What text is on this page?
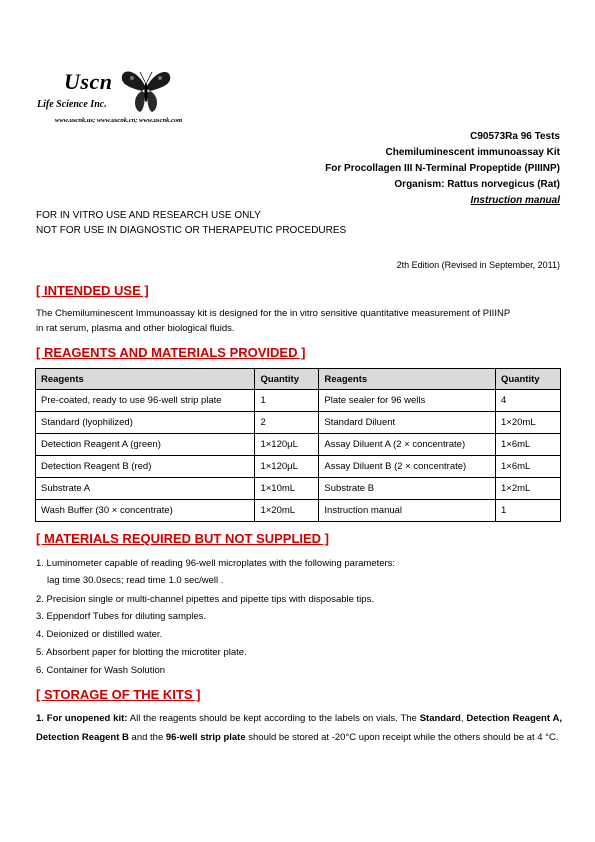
Uscn
Life Science Inc.
www.uscnk.us; www.uscnk.cn; www.uscnk.com
C90573Ra 96 Tests
Chemiluminescent immunoassay Kit
For Procollagen III N-Terminal Propeptide (PIIINP)
Organism: Rattus norvegicus (Rat)
Instruction manual
FOR IN VITRO USE AND RESEARCH USE ONLY
NOT FOR USE IN DIAGNOSTIC OR THERAPEUTIC PROCEDURES
2th Edition (Revised in September, 2011)
[ INTENDED USE ]
The Chemiluminescent Immunoassay kit is designed for the in vitro sensitive quantitative measurement of PIIINP
in rat serum, plasma and other biological fluids.
[ REAGENTS AND MATERIALS PROVIDED ]
Reagents	Quantity	Reagents	Quantity
Pre-coated, ready to use 96-well strip plate	1	Plate sealer for 96 wells	4
Standard (lyophilized)	2	Standard Diluent	1×20mL
Detection Reagent A (green)	1×120μL	Assay Diluent A (2 × concentrate)	1×6mL
Detection Reagent B (red)	1×120μL	Assay Diluent B (2 × concentrate)	1×6mL
Substrate A	1×10mL	Substrate B	1×2mL
Wash Buffer (30 × concentrate)	1×20mL	Instruction manual	1
[ MATERIALS REQUIRED BUT NOT SUPPLIED ]
1. Luminometer capable of reading 96-well microplates with the following parameters:
lag time 30.0secs; read time 1.0 sec/well .
2. Precision single or multi-channel pipettes and pipette tips with disposable tips.
3. Eppendorf Tubes for diluting samples.
4. Deionized or distilled water.
5. Absorbent paper for blotting the microtiter plate.
6. Container for Wash Solution
[ STORAGE OF THE KITS ]
1. For unopened kit: All the reagents should be kept according to the labels on vials. The Standard, Detection Reagent A, Detection Reagent B and the 96-well strip plate should be stored at -20°C upon receipt while the others should be at 4 °C.
